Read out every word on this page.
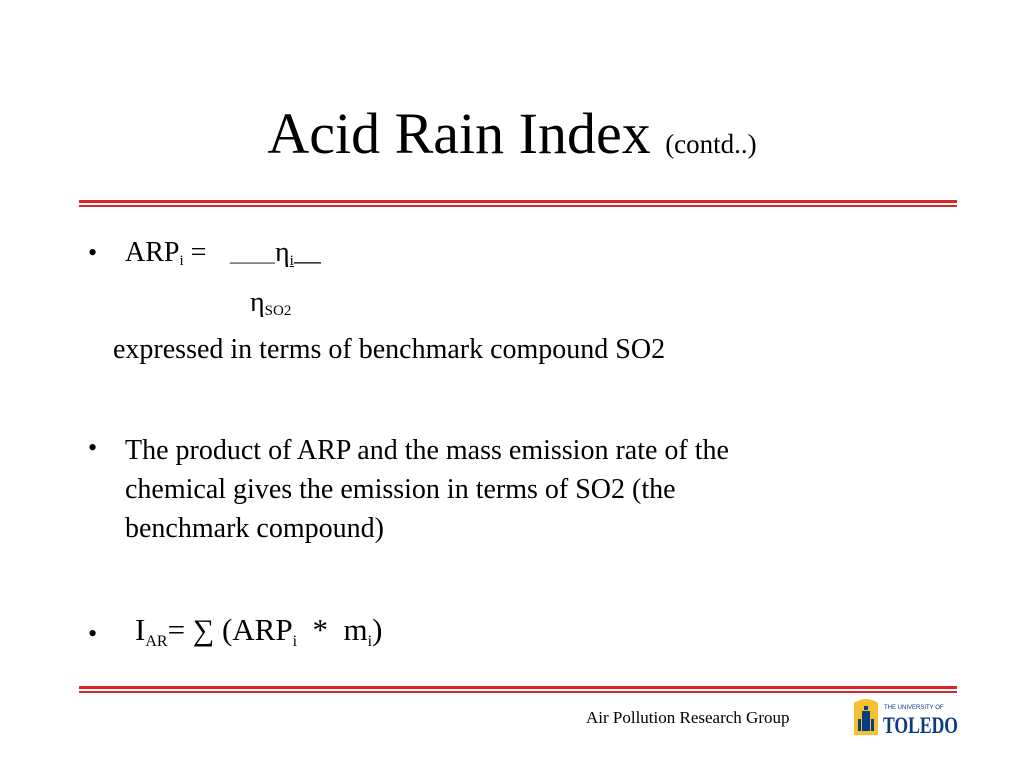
Acid Rain Index (contd..)
• $ARP_i$ = $\_\_\_\_\_\eta_i\_\_\_$
$\eta_{SO2}$
expressed in terms of benchmark compound SO2
• The product of ARP and the mass emission rate of the
chemical gives the emission in terms of SO2 (the
benchmark compound)
• $I_{AR}=$ ∑ $(ARP_i * m_i)$
Air Pollution Research Group	THE UNIVERSITY OF
TOLEDO
